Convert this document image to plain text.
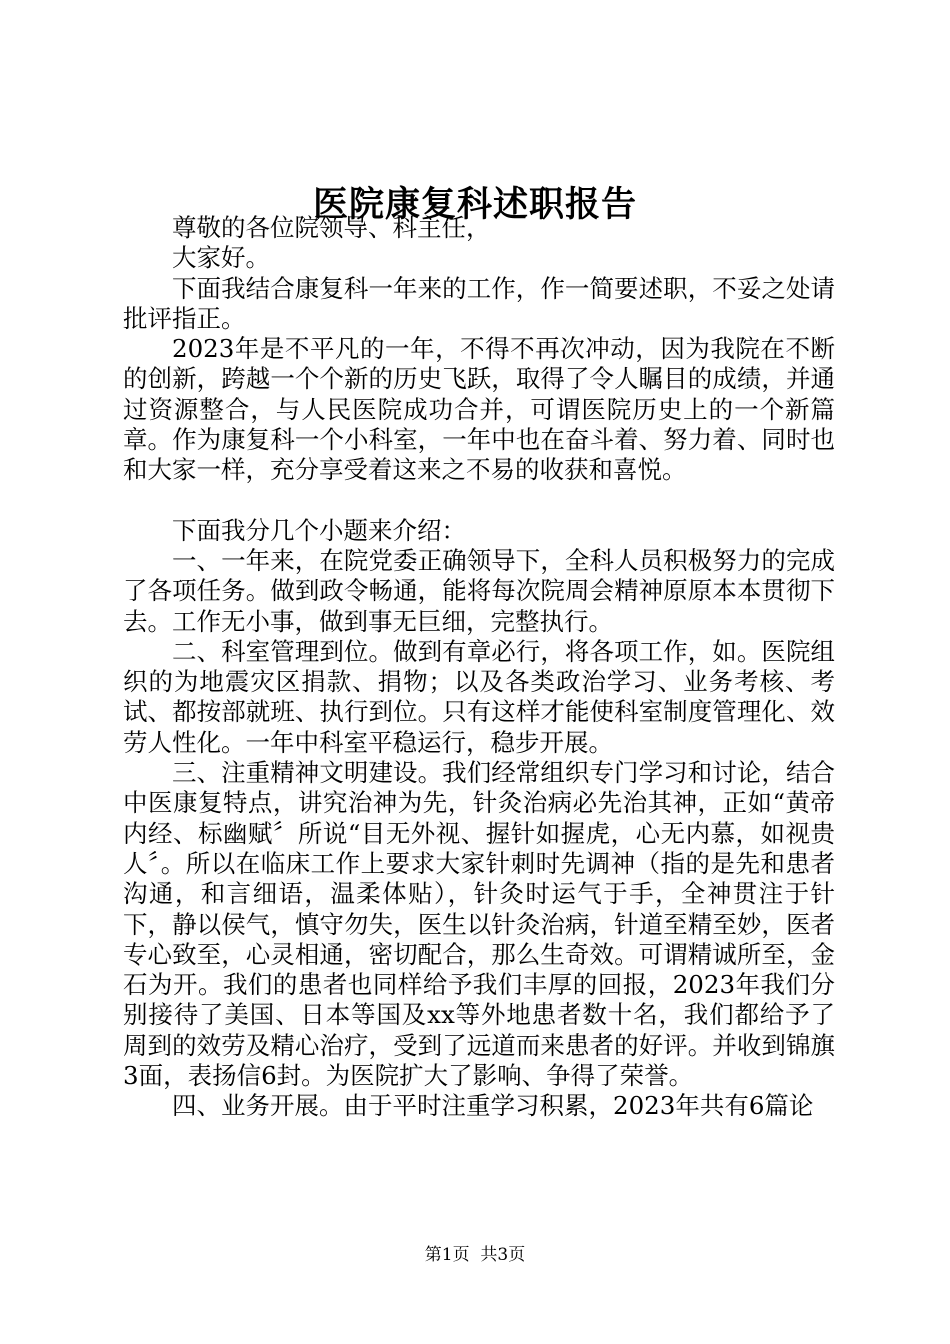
医院康复科述职报告

尊敬的各位院领导、科主任，

大家好。

下面我结合康复科一年来的工作，作一简要述职，不妥之处请批评指正。

2023年是不平凡的一年，不得不再次冲动，因为我院在不断的创新，跨越一个个新的历史飞跃，取得了令人瞩目的成绩，并通过资源整合，与人民医院成功合并，可谓医院历史上的一个新篇章。作为康复科一个小科室，一年中也在奋斗着、努力着、同时也和大家一样，充分享受着这来之不易的收获和喜悦。

下面我分几个小题来介绍：

一、一年来，在院党委正确领导下，全科人员积极努力的完成了各项任务。做到政令畅通，能将每次院周会精神原原本本贯彻下去。工作无小事，做到事无巨细，完整执行。

二、科室管理到位。做到有章必行，将各项工作，如。医院组织的为地震灾区捐款、捐物；以及各类政治学习、业务考核、考试、都按部就班、执行到位。只有这样才能使科室制度管理化、效劳人性化。一年中科室平稳运行，稳步开展。

三、注重精神文明建设。我们经常组织专门学习和讨论，结合中医康复特点，讲究治神为先，针灸治病必先治其神，正如“黄帝内经、标幽赋〞所说“目无外视、握针如握虎，心无内慕，如视贵人〞。所以在临床工作上要求大家针刺时先调神（指的是先和患者沟通，和言细语，温柔体贴），针灸时运气于手，全神贯注于针下，静以侯气，慎守勿失，医生以针灸治病，针道至精至妙，医者专心致至，心灵相通，密切配合，那么生奇效。可谓精诚所至，金石为开。我们的患者也同样给予我们丰厚的回报，2023年我们分别接待了美国、日本等国及xx等外地患者数十名，我们都给予了周到的效劳及精心治疗，受到了远道而来患者的好评。并收到锦旗3面，表扬信6封。为医院扩大了影响、争得了荣誉。

四、业务开展。由于平时注重学习积累，2023年共有6篇论

第1页  共3页
